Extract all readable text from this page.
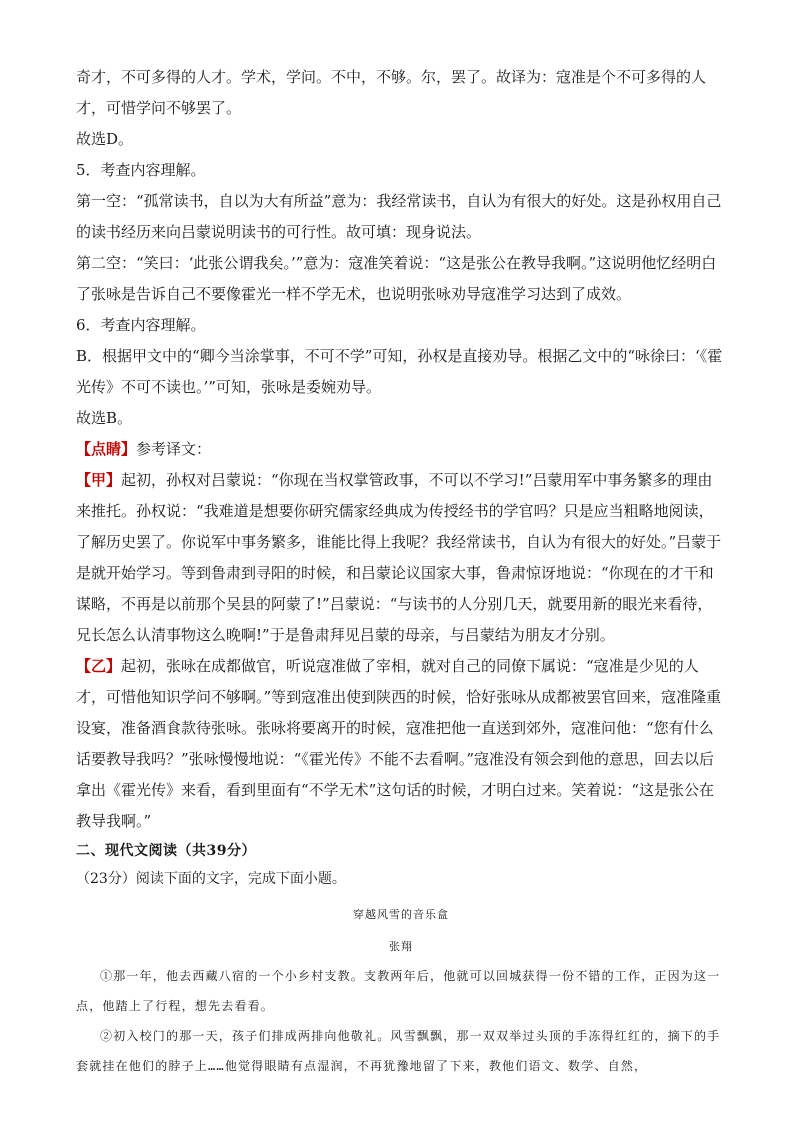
奇才，不可多得的人才。学术，学问。不中，不够。尔，罢了。故译为：寇准是个不可多得的人才，可惜学问不够罢了。

故选D。

5．考查内容理解。

第一空：“孤常读书，自以为大有所益”意为：我经常读书，自认为有很大的好处。这是孙权用自己的读书经历来向吕蒙说明读书的可行性。故可填：现身说法。

第二空：“笑曰：‘此张公谓我矣。’”意为：寇准笑着说：“这是张公在教导我啊。”这说明他忆经明白了张咏是告诉自己不要像霍光一样不学无术，也说明张咏劝导寇准学习达到了成效。

6．考查内容理解。

B．根据甲文中的“卿今当涂掌事，不可不学”可知，孙权是直接劝导。根据乙文中的“咏徐曰：‘《霍光传》不可不读也。’”可知，张咏是委婉劝导。

故选B。

【点睛】参考译文：

【甲】起初，孙权对吕蒙说：“你现在当权掌管政事，不可以不学习!”吕蒙用军中事务繁多的理由来推托。孙权说：“我难道是想要你研究儒家经典成为传授经书的学官吗？只是应当粗略地阅读，了解历史罢了。你说军中事务繁多，谁能比得上我呢？我经常读书，自认为有很大的好处。”吕蒙于是就开始学习。等到鲁肃到寻阳的时候，和吕蒙论议国家大事，鲁肃惊讶地说：“你现在的才干和谋略，不再是以前那个吴县的阿蒙了!”吕蒙说：“与读书的人分别几天，就要用新的眼光来看待，兄长怎么认清事物这么晚啊!”于是鲁肃拜见吕蒙的母亲，与吕蒙结为朋友才分别。

【乙】起初，张咏在成都做官，听说寇准做了宰相，就对自己的同僚下属说：“寇准是少见的人才，可惜他知识学问不够啊。”等到寇准出使到陕西的时候，恰好张咏从成都被罢官回来，寇准隆重设宴，准备酒食款待张咏。张咏将要离开的时候，寇准把他一直送到郊外，寇准问他：“您有什么话要教导我吗？”张咏慢慢地说：“《霍光传》不能不去看啊。”寇准没有领会到他的意思，回去以后拿出《霍光传》来看，看到里面有“不学无术”这句话的时候，才明白过来。笑着说：“这是张公在教导我啊。”

二、现代文阅读（共39分）

（23分）阅读下面的文字，完成下面小题。

穿越风雪的音乐盒
张翔

①那一年，他去西藏八宿的一个小乡村支教。支教两年后，他就可以回城获得一份不错的工作，正因为这一点，他踏上了行程，想先去看看。

②初入校门的那一天，孩子们排成两排向他敬礼。风雪飘飘，那一双双举过头顶的手冻得红红的，摘下的手套就挂在他们的脖子上……他觉得眼睛有点湿润，不再犹豫地留了下来，教他们语文、数学、自然，
